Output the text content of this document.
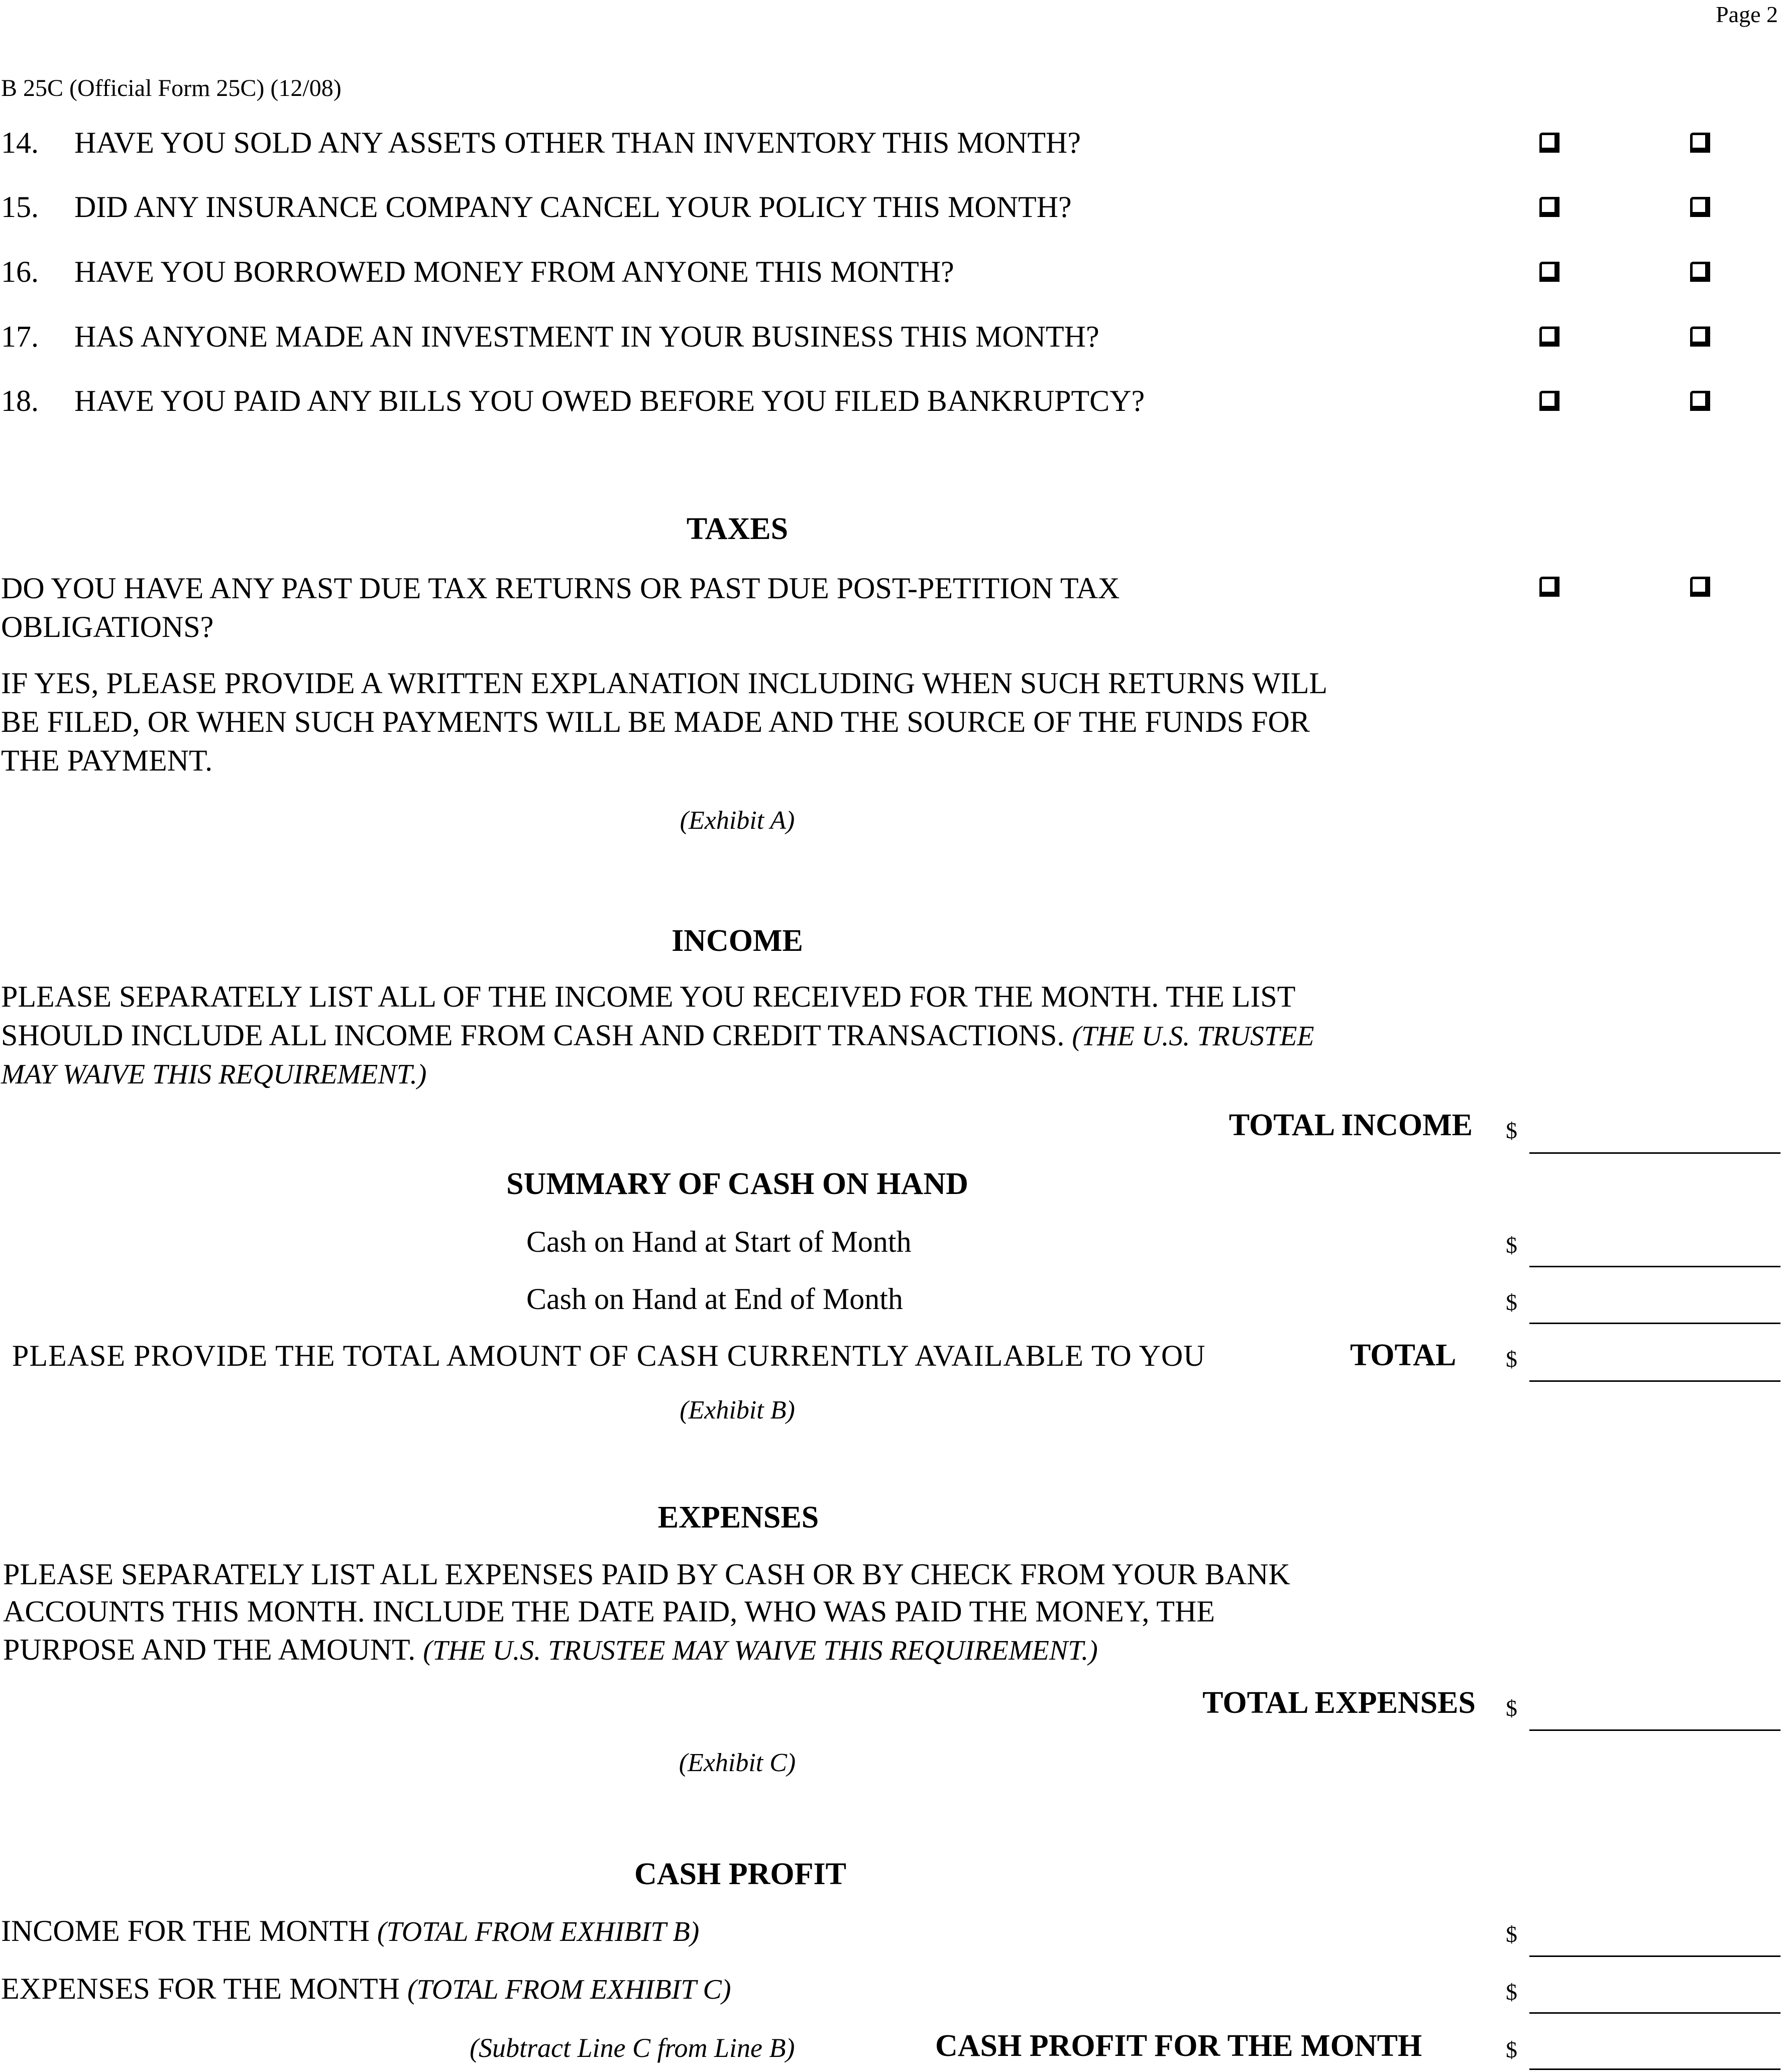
Page 2
B 25C (Official Form 25C) (12/08)
14. HAVE YOU SOLD ANY ASSETS OTHER THAN INVENTORY THIS MONTH?
15. DID ANY INSURANCE COMPANY CANCEL YOUR POLICY THIS MONTH?
16. HAVE YOU BORROWED MONEY FROM ANYONE THIS MONTH?
17. HAS ANYONE MADE AN INVESTMENT IN YOUR BUSINESS THIS MONTH?
18. HAVE YOU PAID ANY BILLS YOU OWED BEFORE YOU FILED BANKRUPTCY?
TAXES
DO YOU HAVE ANY PAST DUE TAX RETURNS OR PAST DUE POST-PETITION TAX
OBLIGATIONS?
IF YES, PLEASE PROVIDE A WRITTEN EXPLANATION INCLUDING WHEN SUCH RETURNS WILL
BE FILED, OR WHEN SUCH PAYMENTS WILL BE MADE AND THE SOURCE OF THE FUNDS FOR
THE PAYMENT.
(Exhibit A)
INCOME
PLEASE SEPARATELY LIST ALL OF THE INCOME YOU RECEIVED FOR THE MONTH. THE LIST
SHOULD INCLUDE ALL INCOME FROM CASH AND CREDIT TRANSACTIONS. (THE U.S. TRUSTEE
MAY WAIVE THIS REQUIREMENT.)
TOTAL INCOME $
SUMMARY OF CASH ON HAND
Cash on Hand at Start of Month	$
Cash on Hand at End of Month	$
PLEASE PROVIDE THE TOTAL AMOUNT OF CASH CURRENTLY AVAILABLE TO YOU	TOTAL $
(Exhibit B)
EXPENSES
PLEASE SEPARATELY LIST ALL EXPENSES PAID BY CASH OR BY CHECK FROM YOUR BANK
ACCOUNTS THIS MONTH. INCLUDE THE DATE PAID, WHO WAS PAID THE MONEY, THE
PURPOSE AND THE AMOUNT. (THE U.S. TRUSTEE MAY WAIVE THIS REQUIREMENT.)
TOTAL EXPENSES $
(Exhibit C)
CASH PROFIT
INCOME FOR THE MONTH (TOTAL FROM EXHIBIT B)	$
EXPENSES FOR THE MONTH (TOTAL FROM EXHIBIT C)	$
(Subtract Line C from Line B)	CASH PROFIT FOR THE MONTH	$
